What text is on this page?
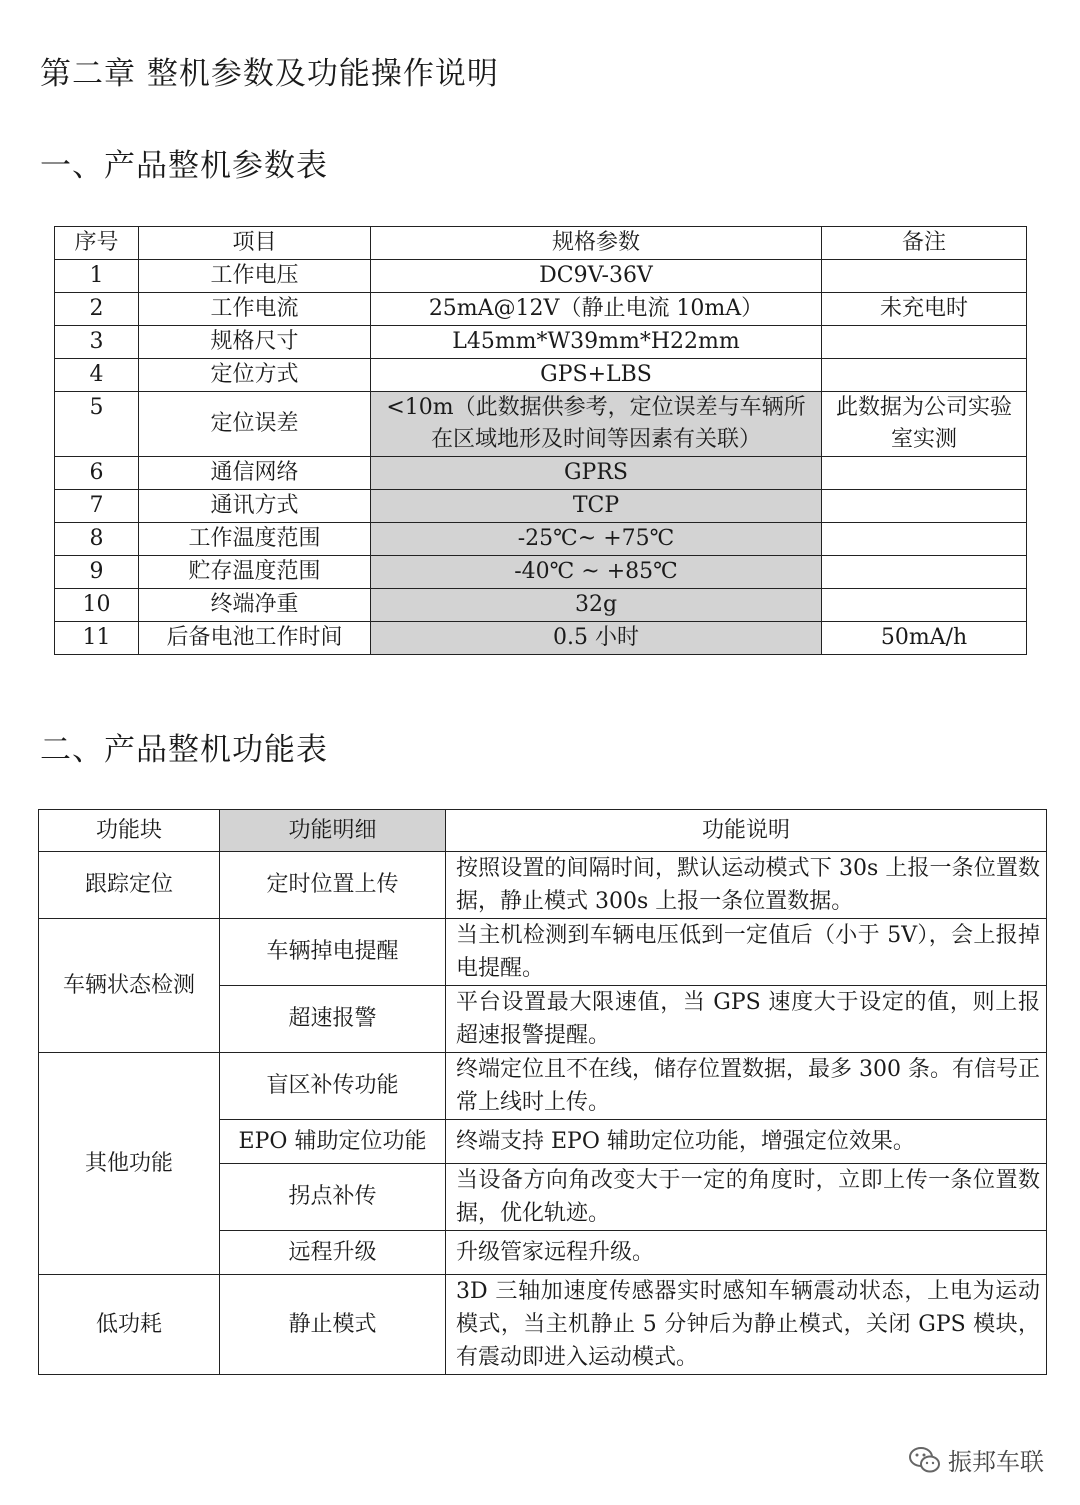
第二章 整机参数及功能操作说明
一、产品整机参数表
序号	项目	规格参数	备注
1	工作电压	DC9V-36V	
2	工作电流	25mA@12V（静止电流 10mA）	未充电时
3	规格尺寸	L45mm*W39mm*H22mm	
4	定位方式	GPS+LBS	
5	定位误差	<10m（此数据供参考，定位误差与车辆所在区域地形及时间等因素有关联）	此数据为公司实验室实测
6	通信网络	GPRS	
7	通讯方式	TCP	
8	工作温度范围	-25℃~ +75℃	
9	贮存温度范围	-40℃ ~ +85℃	
10	终端净重	32g	
11	后备电池工作时间	0.5 小时	50mA/h
二、产品整机功能表
功能块	功能明细	功能说明
跟踪定位	定时位置上传	按照设置的间隔时间，默认运动模式下 30s 上报一条位置数据，静止模式 300s 上报一条位置数据。
车辆状态检测	车辆掉电提醒	当主机检测到车辆电压低到一定值后（小于 5V），会上报掉电提醒。
	超速报警	平台设置最大限速值，当 GPS 速度大于设定的值，则上报超速报警提醒。
其他功能	盲区补传功能	终端定位且不在线，储存位置数据，最多 300 条。有信号正常上线时上传。
	EPO 辅助定位功能	终端支持 EPO 辅助定位功能，增强定位效果。
	拐点补传	当设备方向角改变大于一定的角度时，立即上传一条位置数据，优化轨迹。
	远程升级	升级管家远程升级。
低功耗	静止模式	3D 三轴加速度传感器实时感知车辆震动状态，上电为运动模式，当主机静止 5 分钟后为静止模式，关闭 GPS 模块，有震动即进入运动模式。
振邦车联
